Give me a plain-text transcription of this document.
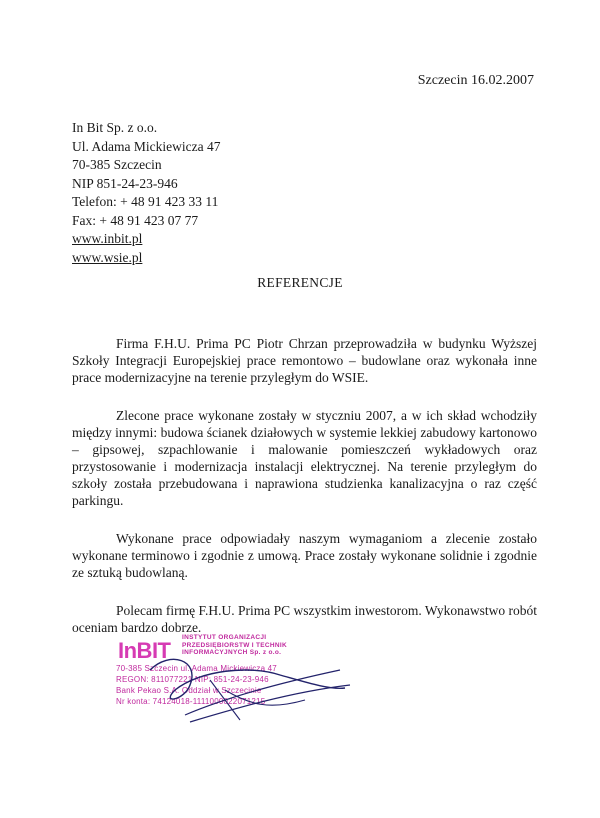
Szczecin 16.02.2007
In Bit Sp. z o.o.
Ul. Adama Mickiewicza 47
70-385 Szczecin
NIP 851-24-23-946
Telefon: + 48 91 423 33 11
Fax: + 48 91 423 07 77
www.inbit.pl
www.wsie.pl
REFERENCJE

Firma F.H.U. Prima PC Piotr Chrzan przeprowadziła w budynku Wyższej Szkoły Integracji Europejskiej prace remontowo – budowlane oraz wykonała inne prace modernizacyjne na terenie przyległym do WSIE.

Zlecone prace wykonane zostały w styczniu 2007, a w ich skład wchodziły między innymi: budowa ścianek działowych w systemie lekkiej zabudowy kartonowo – gipsowej, szpachlowanie i malowanie pomieszczeń wykładowych oraz przystosowanie i modernizacja instalacji elektrycznej. Na terenie przyległym do szkoły została przebudowana i naprawiona studzienka kanalizacyjna o raz część parkingu.

Wykonane prace odpowiadały naszym wymaganiom a zlecenie zostało wykonane terminowo i zgodnie z umową. Prace zostały wykonane solidnie i zgodnie ze sztuką budowlaną.

Polecam firmę F.H.U. Prima PC wszystkim inwestorom. Wykonawstwo robót oceniam bardzo dobrze.

InBIT
INSTYTUT ORGANIZACJI PRZEDSIĘBIORSTW I TECHNIK INFORMACYJNYCH Sp. z o.o.
70-385 Szczecin ul. Adama Mickiewicza 47
REGON: 811077221 NIP: 851-24-23-946
Bank Pekao S.A. Oddział w Szczecinie
Nr konta: 74124018-1111000022071215
